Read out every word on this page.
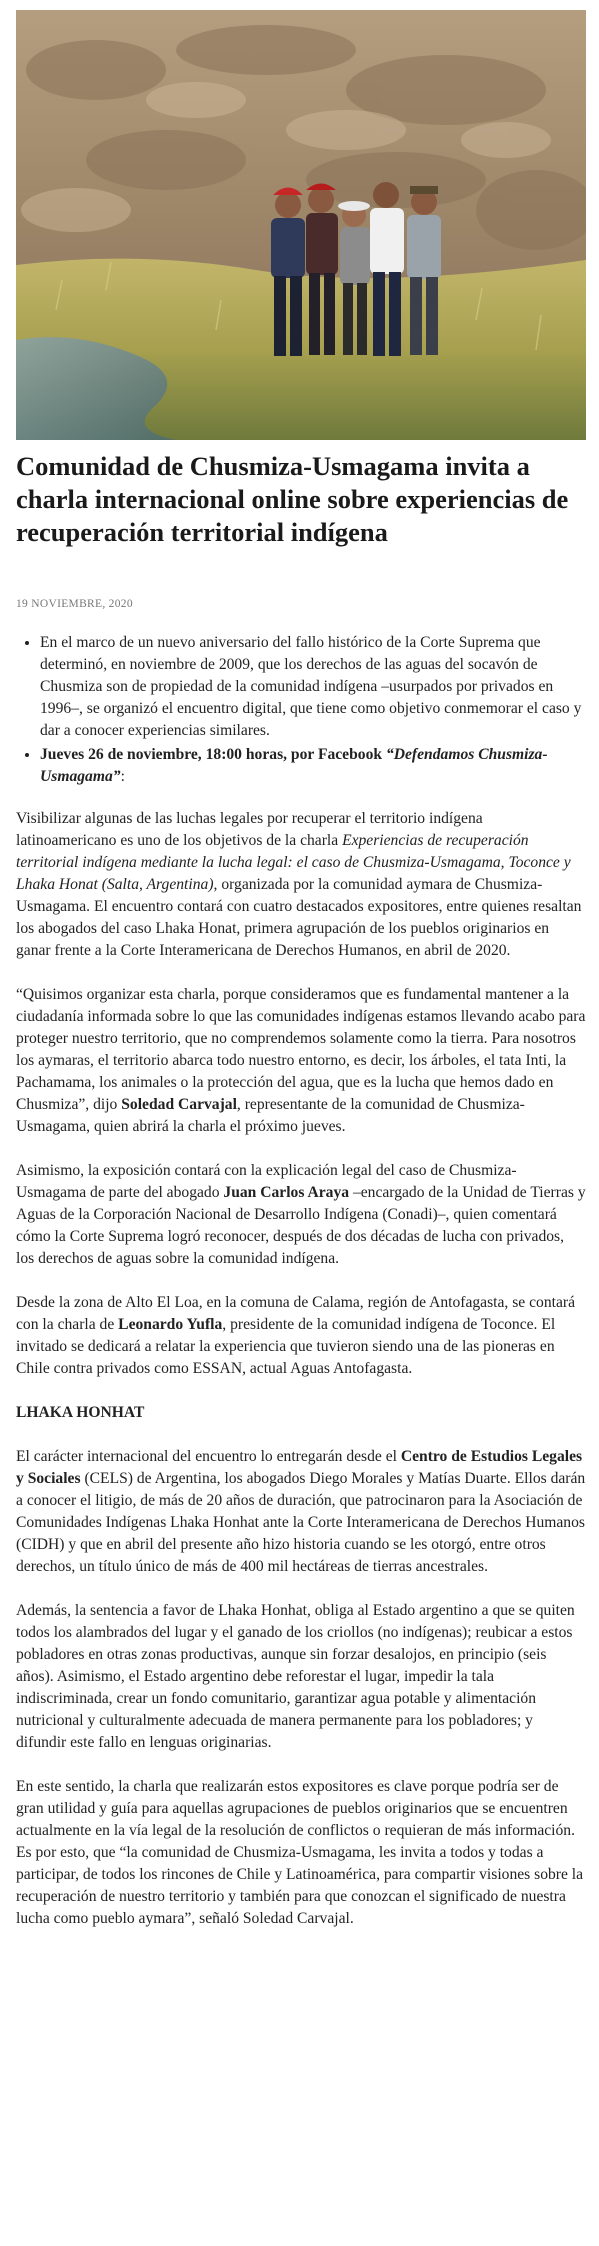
Comunidad de Chusmiza-Usmagama invita a charla internacional online sobre experiencias de recuperación territorial indígena
19 NOVIEMBRE, 2020
• En el marco de un nuevo aniversario del fallo histórico de la Corte Suprema que determinó, en noviembre de 2009, que los derechos de las aguas del socavón de Chusmiza son de propiedad de la comunidad indígena –usurpados por privados en 1996–, se organizó el encuentro digital, que tiene como objetivo conmemorar el caso y dar a conocer experiencias similares.
• Jueves 26 de noviembre, 18:00 horas, por Facebook “Defendamos Chusmiza-Usmagama”:

Visibilizar algunas de las luchas legales por recuperar el territorio indígena latinoamericano es uno de los objetivos de la charla Experiencias de recuperación territorial indígena mediante la lucha legal: el caso de Chusmiza-Usmagama, Toconce y Lhaka Honat (Salta, Argentina), organizada por la comunidad aymara de Chusmiza-Usmagama. El encuentro contará con cuatro destacados expositores, entre quienes resaltan los abogados del caso Lhaka Honat, primera agrupación de los pueblos originarios en ganar frente a la Corte Interamericana de Derechos Humanos, en abril de 2020.

“Quisimos organizar esta charla, porque consideramos que es fundamental mantener a la ciudadanía informada sobre lo que las comunidades indígenas estamos llevando acabo para proteger nuestro territorio, que no comprendemos solamente como la tierra. Para nosotros los aymaras, el territorio abarca todo nuestro entorno, es decir, los árboles, el tata Inti, la Pachamama, los animales o la protección del agua, que es la lucha que hemos dado en Chusmiza”, dijo Soledad Carvajal, representante de la comunidad de Chusmiza-Usmagama, quien abrirá la charla el próximo jueves.

Asimismo, la exposición contará con la explicación legal del caso de Chusmiza-Usmagama de parte del abogado Juan Carlos Araya –encargado de la Unidad de Tierras y Aguas de la Corporación Nacional de Desarrollo Indígena (Conadi)–, quien comentará cómo la Corte Suprema logró reconocer, después de dos décadas de lucha con privados, los derechos de aguas sobre la comunidad indígena.

Desde la zona de Alto El Loa, en la comuna de Calama, región de Antofagasta, se contará con la charla de Leonardo Yufla, presidente de la comunidad indígena de Toconce. El invitado se dedicará a relatar la experiencia que tuvieron siendo una de las pioneras en Chile contra privados como ESSAN, actual Aguas Antofagasta.

LHAKA HONHAT

El carácter internacional del encuentro lo entregarán desde el Centro de Estudios Legales y Sociales (CELS) de Argentina, los abogados Diego Morales y Matías Duarte. Ellos darán a conocer el litigio, de más de 20 años de duración, que patrocinaron para la Asociación de Comunidades Indígenas Lhaka Honhat ante la Corte Interamericana de Derechos Humanos (CIDH) y que en abril del presente año hizo historia cuando se les otorgó, entre otros derechos, un título único de más de 400 mil hectáreas de tierras ancestrales.

Además, la sentencia a favor de Lhaka Honhat, obliga al Estado argentino a que se quiten todos los alambrados del lugar y el ganado de los criollos (no indígenas); reubicar a estos pobladores en otras zonas productivas, aunque sin forzar desalojos, en principio (seis años). Asimismo, el Estado argentino debe reforestar el lugar, impedir la tala indiscriminada, crear un fondo comunitario, garantizar agua potable y alimentación nutricional y culturalmente adecuada de manera permanente para los pobladores; y difundir este fallo en lenguas originarias.

En este sentido, la charla que realizarán estos expositores es clave porque podría ser de gran utilidad y guía para aquellas agrupaciones de pueblos originarios que se encuentren actualmente en la vía legal de la resolución de conflictos o requieran de más información. Es por esto, que “la comunidad de Chusmiza-Usmagama, les invita a todos y todas a participar, de todos los rincones de Chile y Latinoamérica, para compartir visiones sobre la recuperación de nuestro territorio y también para que conozcan el significado de nuestra lucha como pueblo aymara”, señaló Soledad Carvajal.
